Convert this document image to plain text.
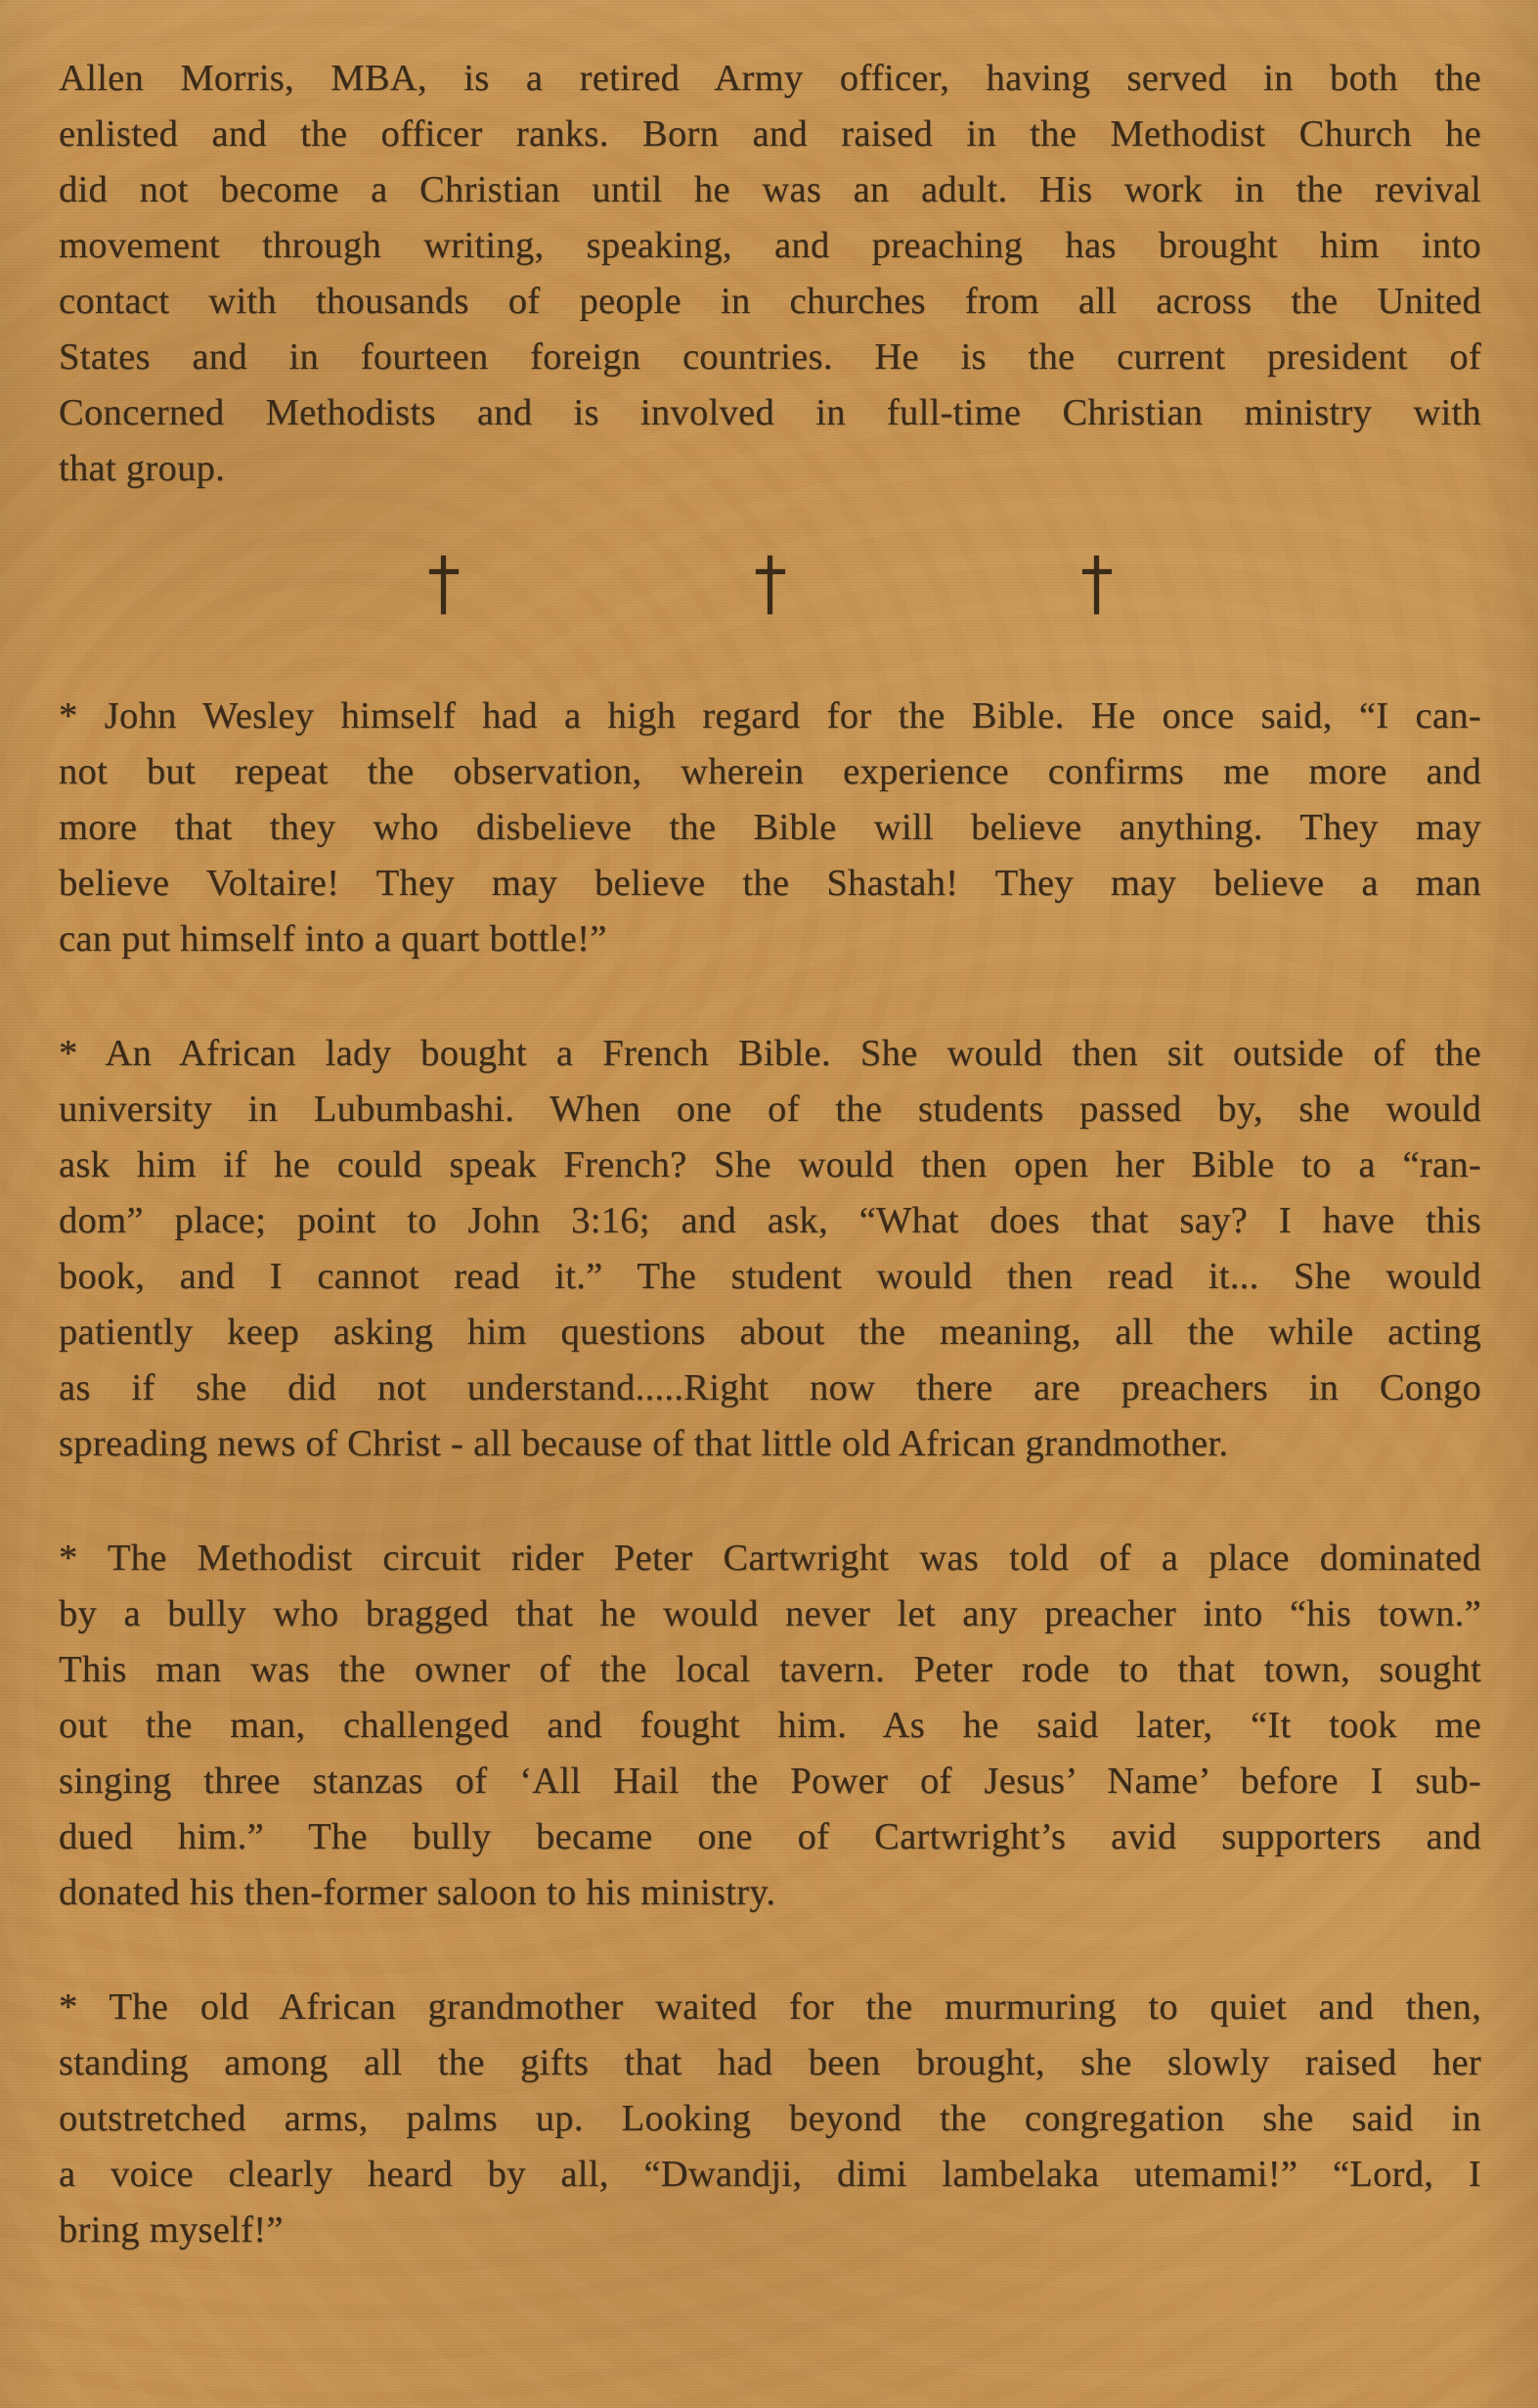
Allen Morris, MBA, is a retired Army officer, having served in both the
enlisted and the officer ranks. Born and raised in the Methodist Church he
did not become a Christian until he was an adult. His work in the revival
movement through writing, speaking, and preaching has brought him into
contact with thousands of people in churches from all across the United
States and in fourteen foreign countries. He is the current president of
Concerned Methodists and is involved in full-time Christian ministry with
that group.
* John Wesley himself had a high regard for the Bible. He once said, “I can-
not but repeat the observation, wherein experience confirms me more and
more that they who disbelieve the Bible will believe anything. They may
believe Voltaire! They may believe the Shastah! They may believe a man
can put himself into a quart bottle!”
* An African lady bought a French Bible. She would then sit outside of the
university in Lubumbashi. When one of the students passed by, she would
ask him if he could speak French? She would then open her Bible to a “ran-
dom” place; point to John 3:16; and ask, “What does that say? I have this
book, and I cannot read it.” The student would then read it... She would
patiently keep asking him questions about the meaning, all the while acting
as if she did not understand.....Right now there are preachers in Congo
spreading news of Christ - all because of that little old African grandmother.
* The Methodist circuit rider Peter Cartwright was told of a place dominated
by a bully who bragged that he would never let any preacher into “his town.”
This man was the owner of the local tavern. Peter rode to that town, sought
out the man, challenged and fought him. As he said later, “It took me
singing three stanzas of ‘All Hail the Power of Jesus’ Name’ before I sub-
dued him.” The bully became one of Cartwright’s avid supporters and
donated his then-former saloon to his ministry.
* The old African grandmother waited for the murmuring to quiet and then,
standing among all the gifts that had been brought, she slowly raised her
outstretched arms, palms up. Looking beyond the congregation she said in
a voice clearly heard by all, “Dwandji, dimi lambelaka utemami!” “Lord, I
bring myself!”
